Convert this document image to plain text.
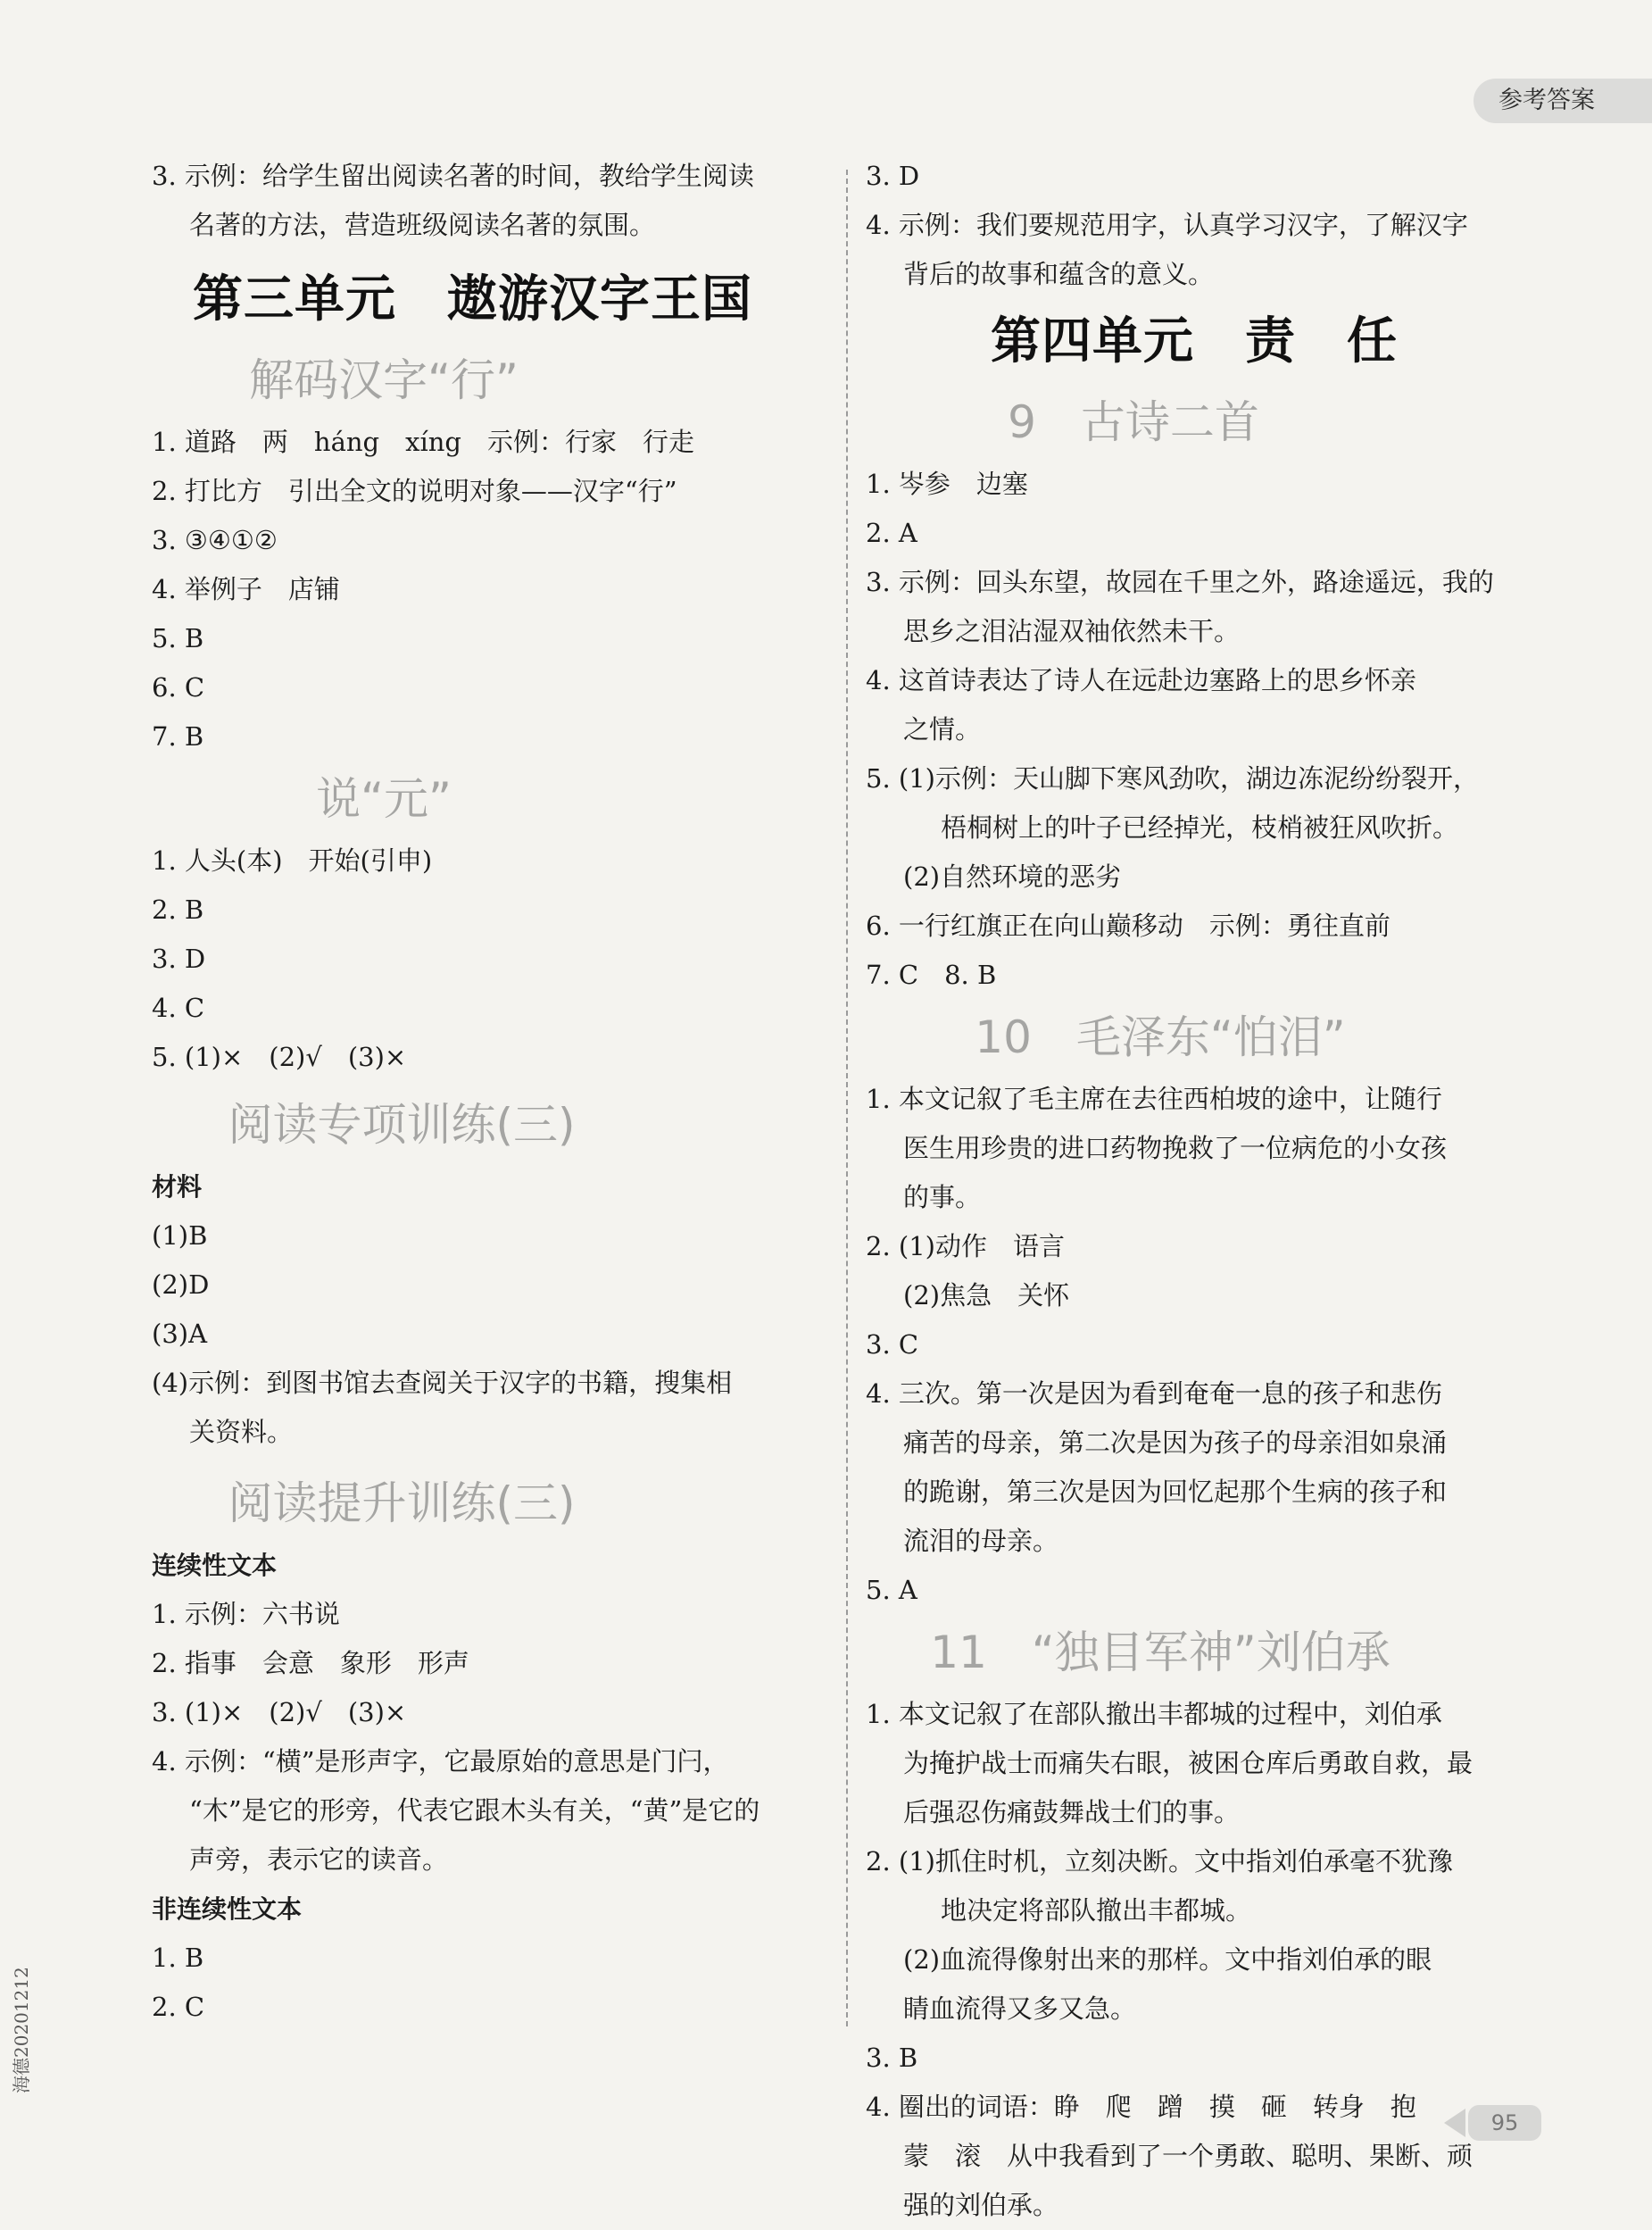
参考答案
3. 示例：给学生留出阅读名著的时间，教给学生阅读
名著的方法，营造班级阅读名著的氛围。
第三单元　遨游汉字王国
解码汉字“行”
1. 道路　两　háng　xíng　示例：行家　行走
2. 打比方　引出全文的说明对象——汉字“行”
3. ③④①②
4. 举例子　店铺
5. B
6. C
7. B
说“元”
1. 人头(本)　开始(引申)
2. B
3. D
4. C
5. (1)×　(2)√　(3)×
阅读专项训练(三)
材料
(1)B
(2)D
(3)A
(4)示例：到图书馆去查阅关于汉字的书籍，搜集相
关资料。
阅读提升训练(三)
连续性文本
1. 示例：六书说
2. 指事　会意　象形　形声
3. (1)×　(2)√　(3)×
4. 示例：“横”是形声字，它最原始的意思是门闩，
“木”是它的形旁，代表它跟木头有关，“黄”是它的
声旁，表示它的读音。
非连续性文本
1. B
2. C
3. D
4. 示例：我们要规范用字，认真学习汉字，了解汉字
背后的故事和蕴含的意义。
第四单元　责　任
9　古诗二首
1. 岑参　边塞
2. A
3. 示例：回头东望，故园在千里之外，路途遥远，我的
思乡之泪沾湿双袖依然未干。
4. 这首诗表达了诗人在远赴边塞路上的思乡怀亲
之情。
5. (1)示例：天山脚下寒风劲吹，湖边冻泥纷纷裂开，
梧桐树上的叶子已经掉光，枝梢被狂风吹折。
(2)自然环境的恶劣
6. 一行红旗正在向山巅移动　示例：勇往直前
7. C　8. B
10　毛泽东“怕泪”
1. 本文记叙了毛主席在去往西柏坡的途中，让随行
医生用珍贵的进口药物挽救了一位病危的小女孩
的事。
2. (1)动作　语言
(2)焦急　关怀
3. C
4. 三次。第一次是因为看到奄奄一息的孩子和悲伤
痛苦的母亲，第二次是因为孩子的母亲泪如泉涌
的跪谢，第三次是因为回忆起那个生病的孩子和
流泪的母亲。
5. A
11　“独目军神”刘伯承
1. 本文记叙了在部队撤出丰都城的过程中，刘伯承
为掩护战士而痛失右眼，被困仓库后勇敢自救，最
后强忍伤痛鼓舞战士们的事。
2. (1)抓住时机，立刻决断。文中指刘伯承毫不犹豫
地决定将部队撤出丰都城。
(2)血流得像射出来的那样。文中指刘伯承的眼
睛血流得又多又急。
3. B
4. 圈出的词语：睁　爬　蹭　摸　砸　转身　抱
蒙　滚　从中我看到了一个勇敢、聪明、果断、顽
强的刘伯承。
95
海德20201212
